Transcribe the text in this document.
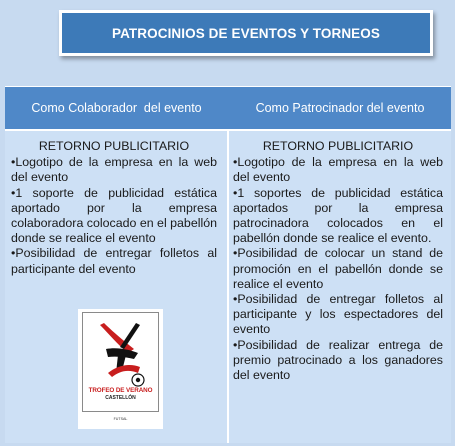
PATROCINIOS DE EVENTOS Y TORNEOS
Como Colaborador  del evento	Como Patrocinador del evento
RETORNO PUBLICITARIO
•Logotipo de la empresa en la web del evento
•1 soporte de publicidad estática aportado por la empresa colaboradora colocado en el pabellón donde se realice el evento
•Posibilidad de entregar folletos al participante del evento
RETORNO PUBLICITARIO
•Logotipo de la empresa en la web del evento
•1 soportes de publicidad estática aportados por la empresa patrocinadora colocados en el pabellón donde se realice el evento.
•Posibilidad de colocar un stand de promoción en el pabellón donde se realice el evento
•Posibilidad de entregar folletos al participante y los espectadores del evento
•Posibilidad de realizar entrega de premio patrocinado a los ganadores del evento
TROFEO DE VERANO
CASTELLÓN
FUTSAL
